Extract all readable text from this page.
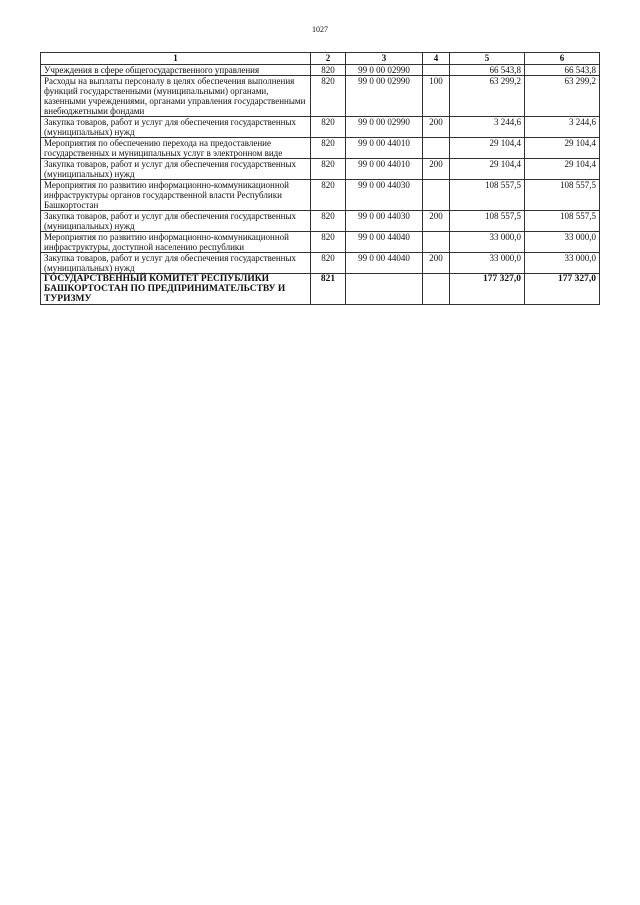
1027
1	2	3	4	5	6
Учреждения в сфере общегосударственного управления	820	99 0 00 02990		66 543,8	66 543,8
Расходы на выплаты персоналу в целях обеспечения выполнения функций государственными (муниципальными) органами, казенными учреждениями, органами управления государственными внебюджетными фондами	820	99 0 00 02990	100	63 299,2	63 299,2
Закупка товаров, работ и услуг для обеспечения государственных (муниципальных) нужд	820	99 0 00 02990	200	3 244,6	3 244,6
Мероприятия по обеспечению перехода на предоставление государственных и муниципальных услуг в электронном виде	820	99 0 00 44010		29 104,4	29 104,4
Закупка товаров, работ и услуг для обеспечения государственных (муниципальных) нужд	820	99 0 00 44010	200	29 104,4	29 104,4
Мероприятия по развитию информационно-коммуникационной инфраструктуры органов государственной власти Республики Башкортостан	820	99 0 00 44030		108 557,5	108 557,5
Закупка товаров, работ и услуг для обеспечения государственных (муниципальных) нужд	820	99 0 00 44030	200	108 557,5	108 557,5
Мероприятия по развитию информационно-коммуникационной инфраструктуры, доступной населению республики	820	99 0 00 44040		33 000,0	33 000,0
Закупка товаров, работ и услуг для обеспечения государственных (муниципальных) нужд	820	99 0 00 44040	200	33 000,0	33 000,0
ГОСУДАРСТВЕННЫЙ КОМИТЕТ РЕСПУБЛИКИ БАШКОРТОСТАН ПО ПРЕДПРИНИМАТЕЛЬСТВУ И ТУРИЗМУ	821			177 327,0	177 327,0
